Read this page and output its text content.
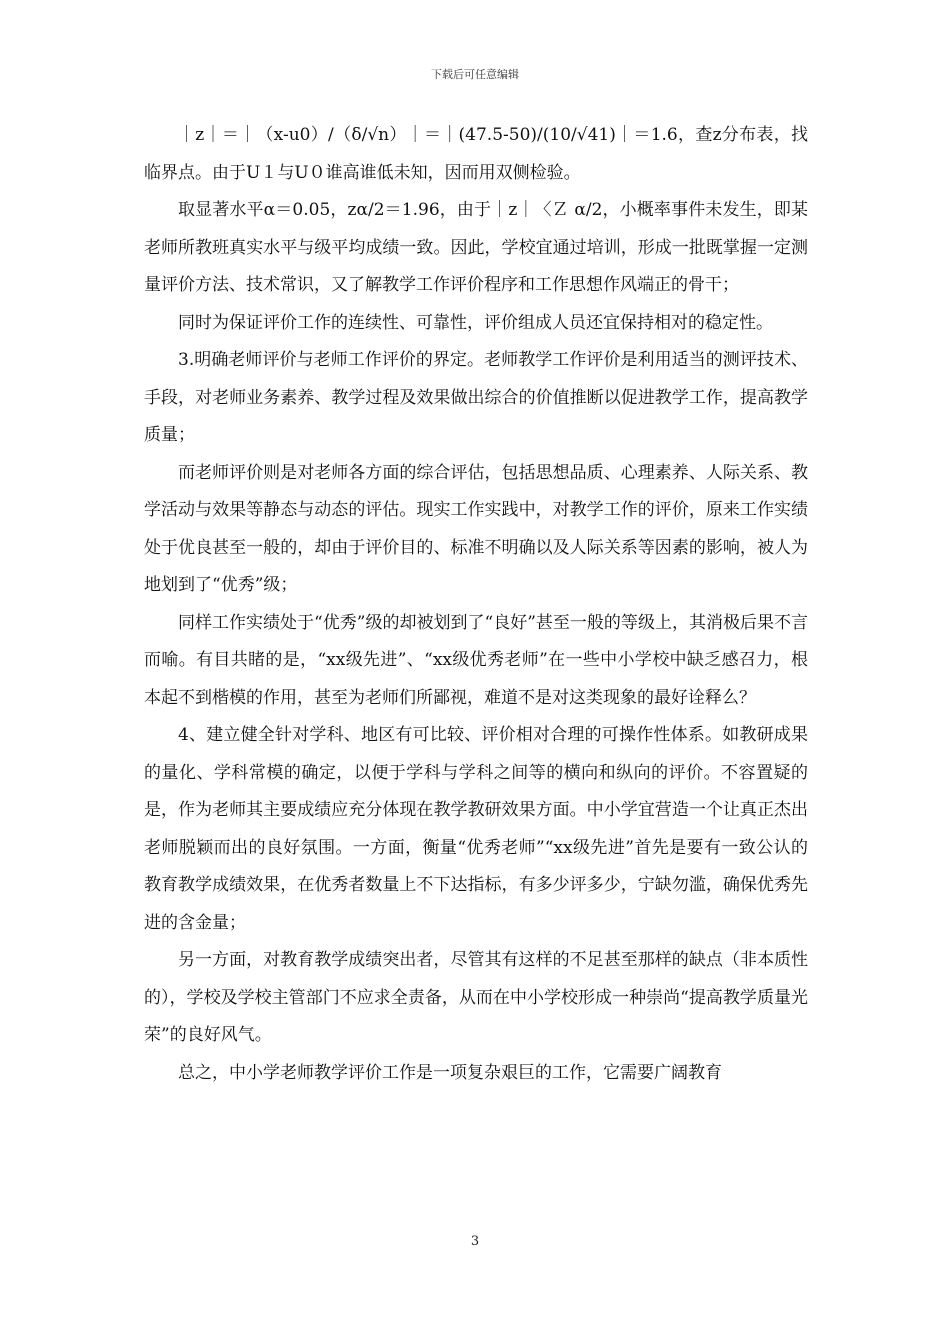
下载后可任意编辑

｜z｜＝｜（x-u0）/（δ/√n）｜＝｜(47.5-50)/(10/√41)｜＝1.6，查z分布表，找临界点。由于U１与U０谁高谁低未知，因而用双侧检验。

取显著水平α＝0.05，zα/2＝1.96，由于｜z｜〈Ｚ α/2，小概率事件未发生，即某老师所教班真实水平与级平均成绩一致。因此，学校宜通过培训，形成一批既掌握一定测量评价方法、技术常识，又了解教学工作评价程序和工作思想作风端正的骨干；

同时为保证评价工作的连续性、可靠性，评价组成人员还宜保持相对的稳定性。

3.明确老师评价与老师工作评价的界定。老师教学工作评价是利用适当的测评技术、手段，对老师业务素养、教学过程及效果做出综合的价值推断以促进教学工作，提高教学质量；

而老师评价则是对老师各方面的综合评估，包括思想品质、心理素养、人际关系、教学活动与效果等静态与动态的评估。现实工作实践中，对教学工作的评价，原来工作实绩处于优良甚至一般的，却由于评价目的、标准不明确以及人际关系等因素的影响，被人为地划到了“优秀”级；

同样工作实绩处于“优秀”级的却被划到了“良好”甚至一般的等级上，其消极后果不言而喻。有目共睹的是，“xx级先进”、“xx级优秀老师”在一些中小学校中缺乏感召力，根本起不到楷模的作用，甚至为老师们所鄙视，难道不是对这类现象的最好诠释么？

4、建立健全针对学科、地区有可比较、评价相对合理的可操作性体系。如教研成果的量化、学科常模的确定，以便于学科与学科之间等的横向和纵向的评价。不容置疑的是，作为老师其主要成绩应充分体现在教学教研效果方面。中小学宜营造一个让真正杰出老师脱颖而出的良好氛围。一方面，衡量“优秀老师”“xx级先进”首先是要有一致公认的教育教学成绩效果，在优秀者数量上不下达指标，有多少评多少，宁缺勿滥，确保优秀先进的含金量；

另一方面，对教育教学成绩突出者，尽管其有这样的不足甚至那样的缺点（非本质性的），学校及学校主管部门不应求全责备，从而在中小学校形成一种崇尚“提高教学质量光荣”的良好风气。

总之，中小学老师教学评价工作是一项复杂艰巨的工作，它需要广阔教育

3
